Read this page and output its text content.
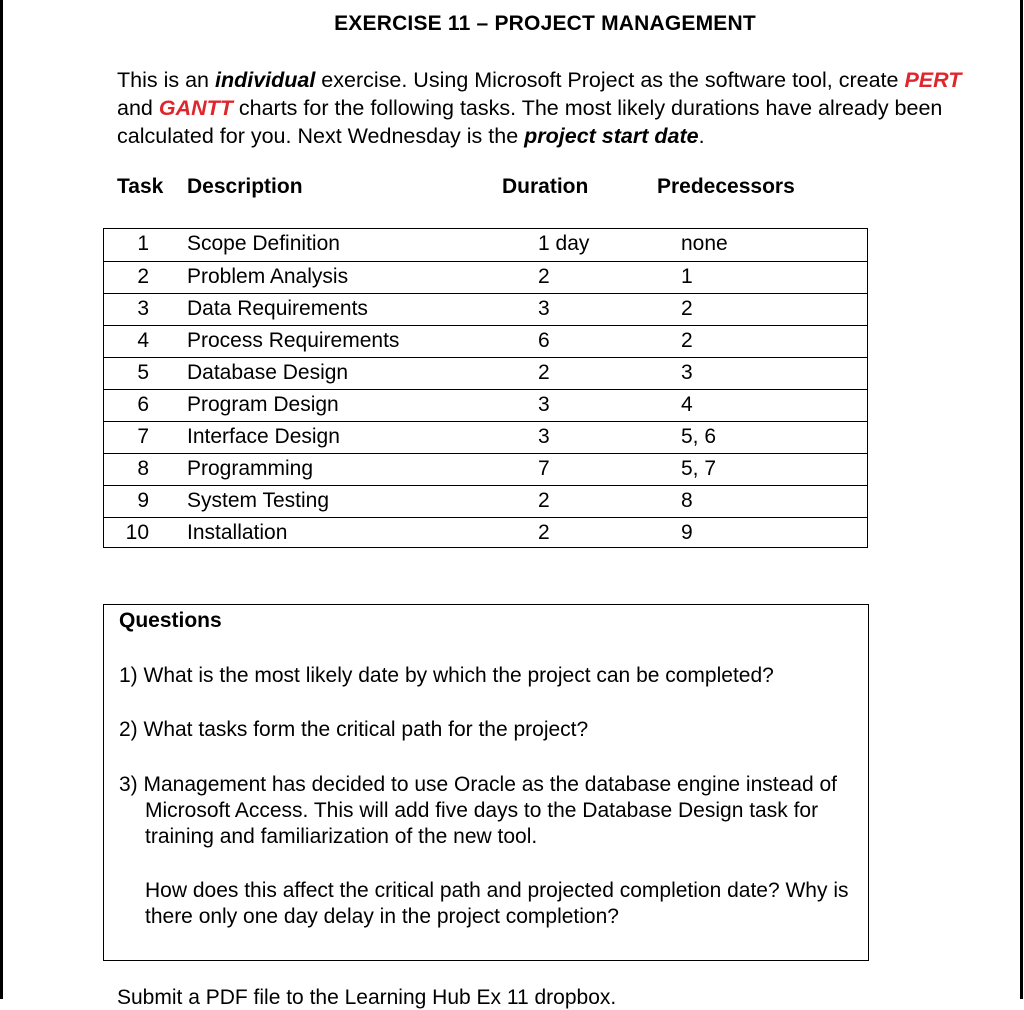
EXERCISE 11 – PROJECT MANAGEMENT
This is an individual exercise. Using Microsoft Project as the software tool, create PERT and GANTT charts for the following tasks. The most likely durations have already been calculated for you. Next Wednesday is the project start date.
Task Description	Duration	Predecessors
1 Scope Definition	1 day	none
2 Problem Analysis	2	1
3 Data Requirements	3	2
4 Process Requirements	6	2
5 Database Design	2	3
6 Program Design	3	4
7 Interface Design	3	5, 6
8 Programming	7	5, 7
9 System Testing	2	8
10 Installation	2	9
Questions
1) What is the most likely date by which the project can be completed?
2) What tasks form the critical path for the project?
3) Management has decided to use Oracle as the database engine instead of Microsoft Access. This will add five days to the Database Design task for training and familiarization of the new tool.
How does this affect the critical path and projected completion date? Why is there only one day delay in the project completion?
Submit a PDF file to the Learning Hub Ex 11 dropbox.
